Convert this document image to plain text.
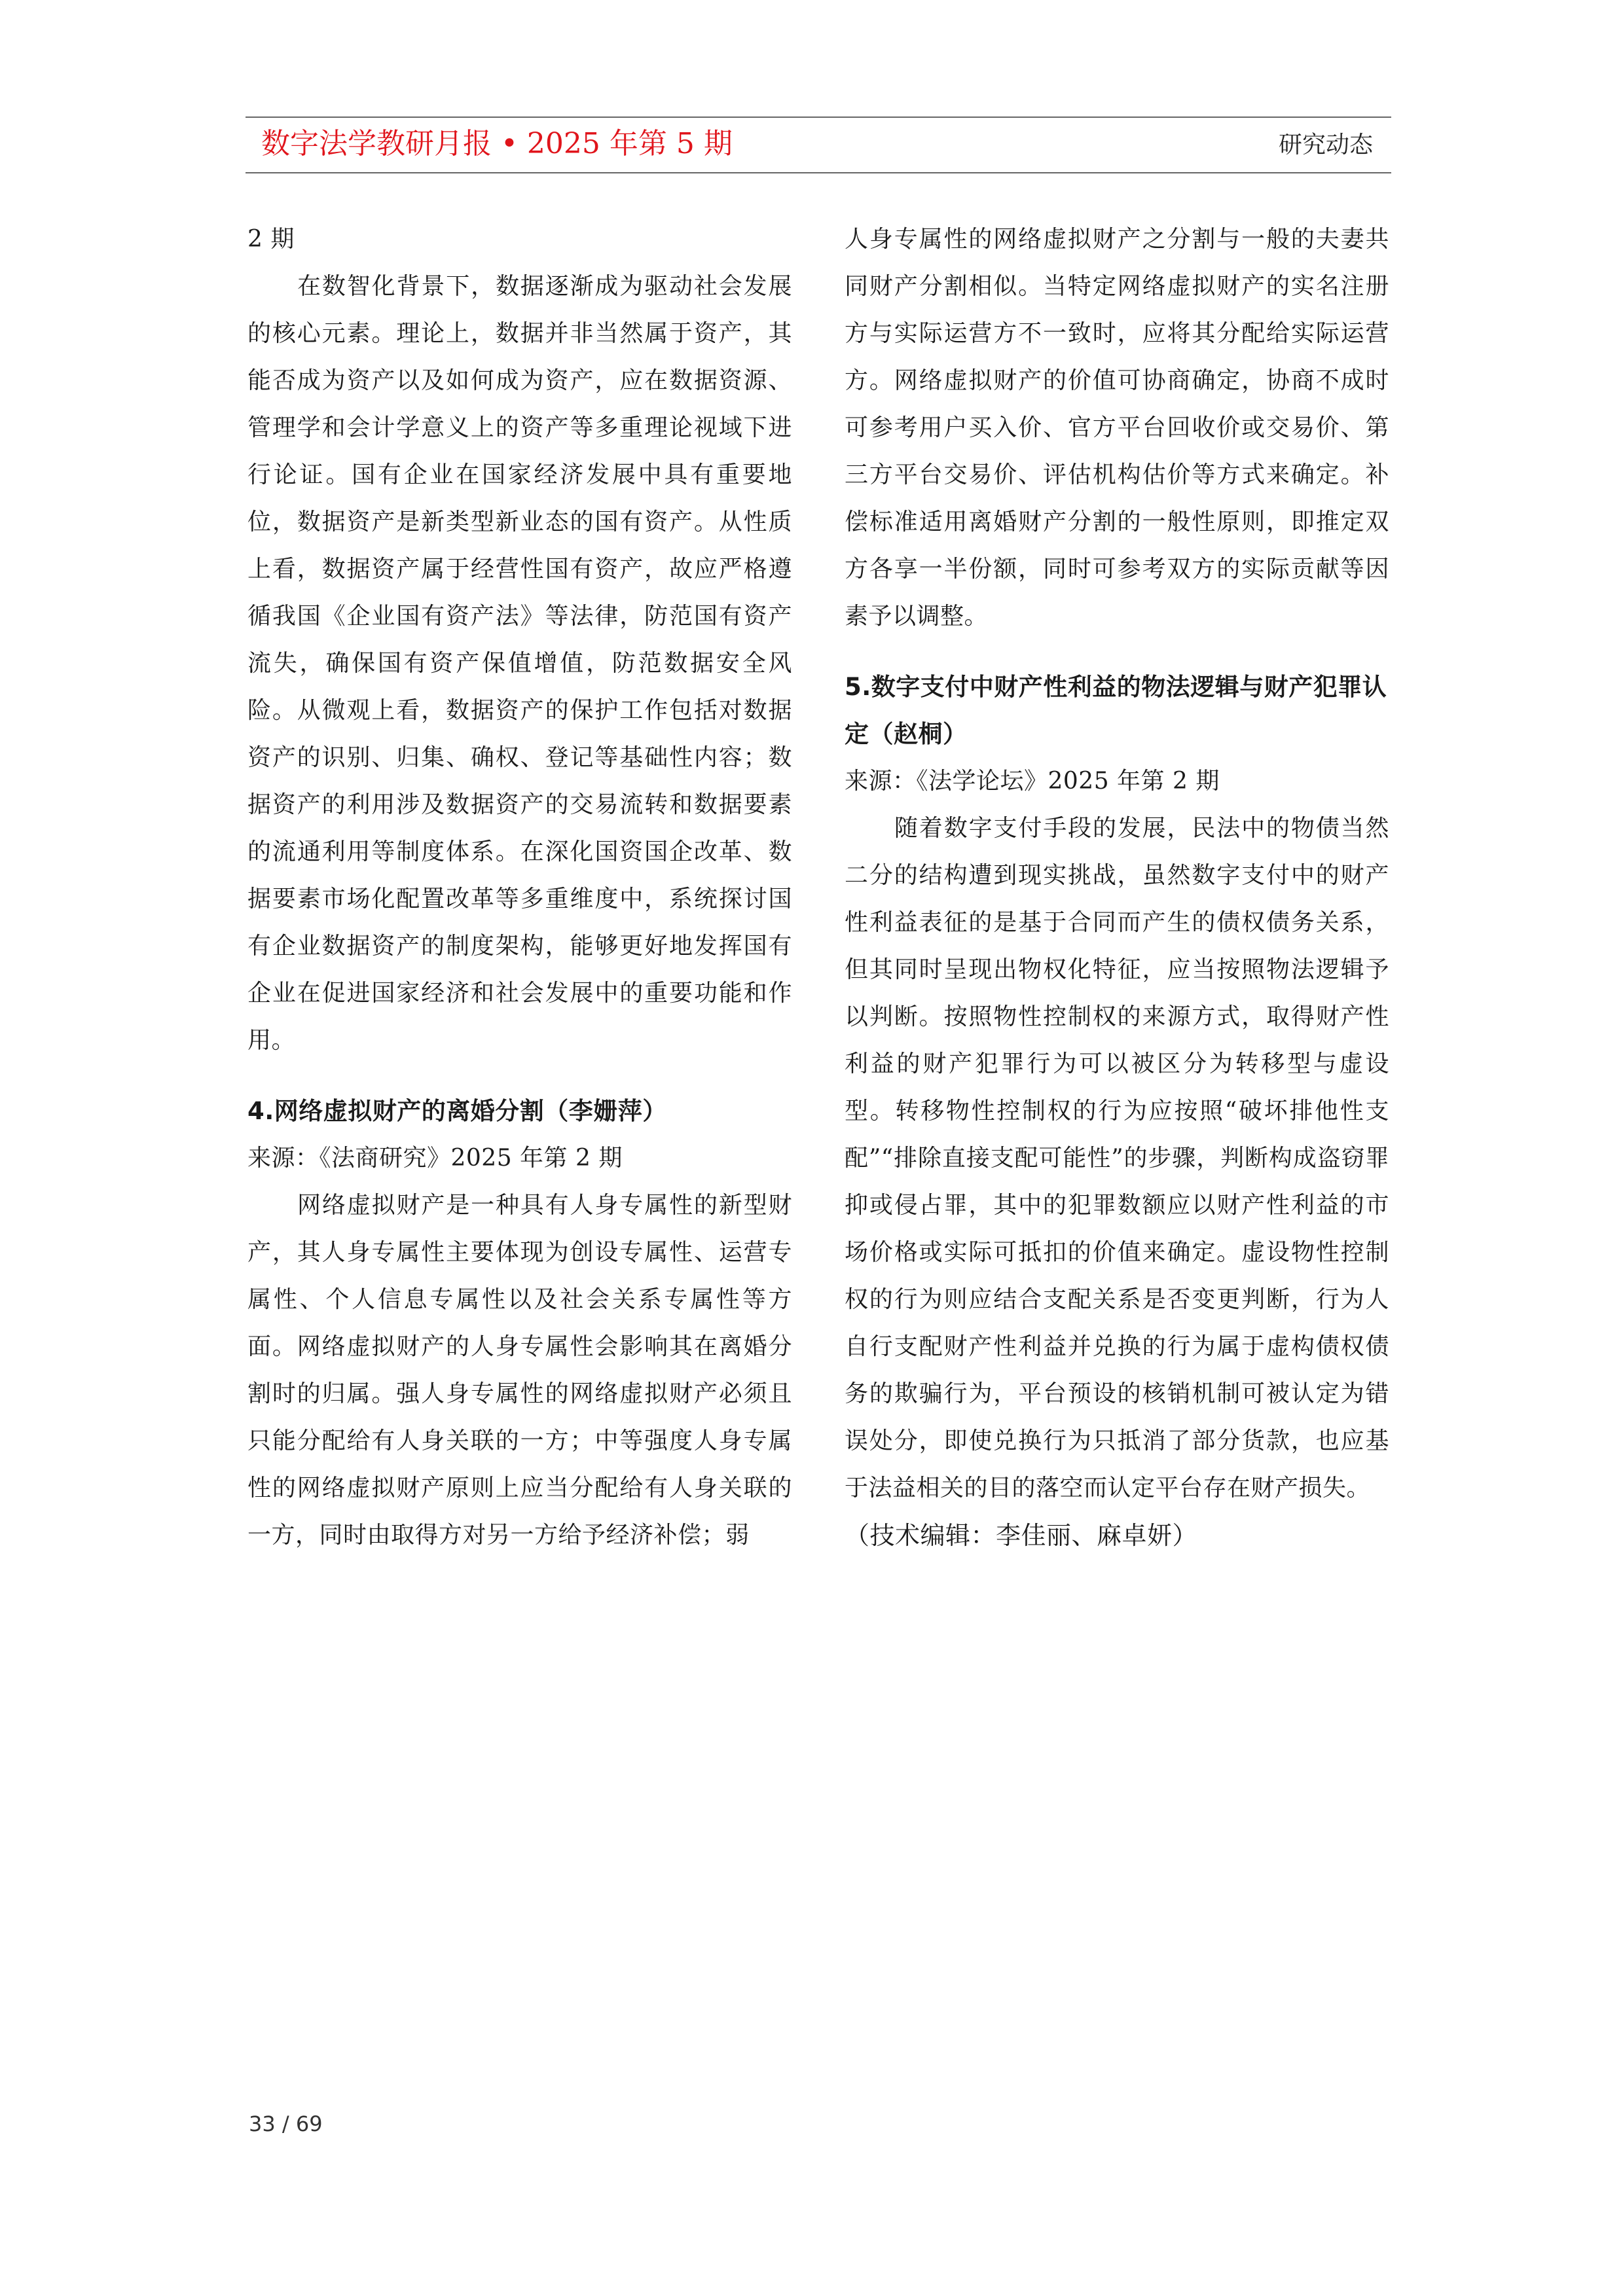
数字法学教研月报 • 2025 年第 5 期	研究动态

2 期

在数智化背景下，数据逐渐成为驱动社会发展的核心元素。理论上，数据并非当然属于资产，其能否成为资产以及如何成为资产，应在数据资源、管理学和会计学意义上的资产等多重理论视域下进行论证。国有企业在国家经济发展中具有重要地位，数据资产是新类型新业态的国有资产。从性质上看，数据资产属于经营性国有资产，故应严格遵循我国《企业国有资产法》等法律，防范国有资产流失，确保国有资产保值增值，防范数据安全风险。从微观上看，数据资产的保护工作包括对数据资产的识别、归集、确权、登记等基础性内容；数据资产的利用涉及数据资产的交易流转和数据要素的流通利用等制度体系。在深化国资国企改革、数据要素市场化配置改革等多重维度中，系统探讨国有企业数据资产的制度架构，能够更好地发挥国有企业在促进国家经济和社会发展中的重要功能和作用。

4.网络虚拟财产的离婚分割（李姗萍）

来源：《法商研究》2025 年第 2 期

网络虚拟财产是一种具有人身专属性的新型财产，其人身专属性主要体现为创设专属性、运营专属性、个人信息专属性以及社会关系专属性等方面。网络虚拟财产的人身专属性会影响其在离婚分割时的归属。强人身专属性的网络虚拟财产必须且只能分配给有人身关联的一方；中等强度人身专属性的网络虚拟财产原则上应当分配给有人身关联的一方，同时由取得方对另一方给予经济补偿；弱

人身专属性的网络虚拟财产之分割与一般的夫妻共同财产分割相似。当特定网络虚拟财产的实名注册方与实际运营方不一致时，应将其分配给实际运营方。网络虚拟财产的价值可协商确定，协商不成时可参考用户买入价、官方平台回收价或交易价、第三方平台交易价、评估机构估价等方式来确定。补偿标准适用离婚财产分割的一般性原则，即推定双方各享一半份额，同时可参考双方的实际贡献等因素予以调整。

5.数字支付中财产性利益的物法逻辑与财产犯罪认定（赵桐）

来源：《法学论坛》2025 年第 2 期

随着数字支付手段的发展，民法中的物债当然二分的结构遭到现实挑战，虽然数字支付中的财产性利益表征的是基于合同而产生的债权债务关系，但其同时呈现出物权化特征，应当按照物法逻辑予以判断。按照物性控制权的来源方式，取得财产性利益的财产犯罪行为可以被区分为转移型与虚设型。转移物性控制权的行为应按照“破坏排他性支配”“排除直接支配可能性”的步骤，判断构成盗窃罪抑或侵占罪，其中的犯罪数额应以财产性利益的市场价格或实际可抵扣的价值来确定。虚设物性控制权的行为则应结合支配关系是否变更判断，行为人自行支配财产性利益并兑换的行为属于虚构债权债务的欺骗行为，平台预设的核销机制可被认定为错误处分，即使兑换行为只抵消了部分货款，也应基于法益相关的目的落空而认定平台存在财产损失。

（技术编辑：李佳丽、麻卓妍）

33 / 69
